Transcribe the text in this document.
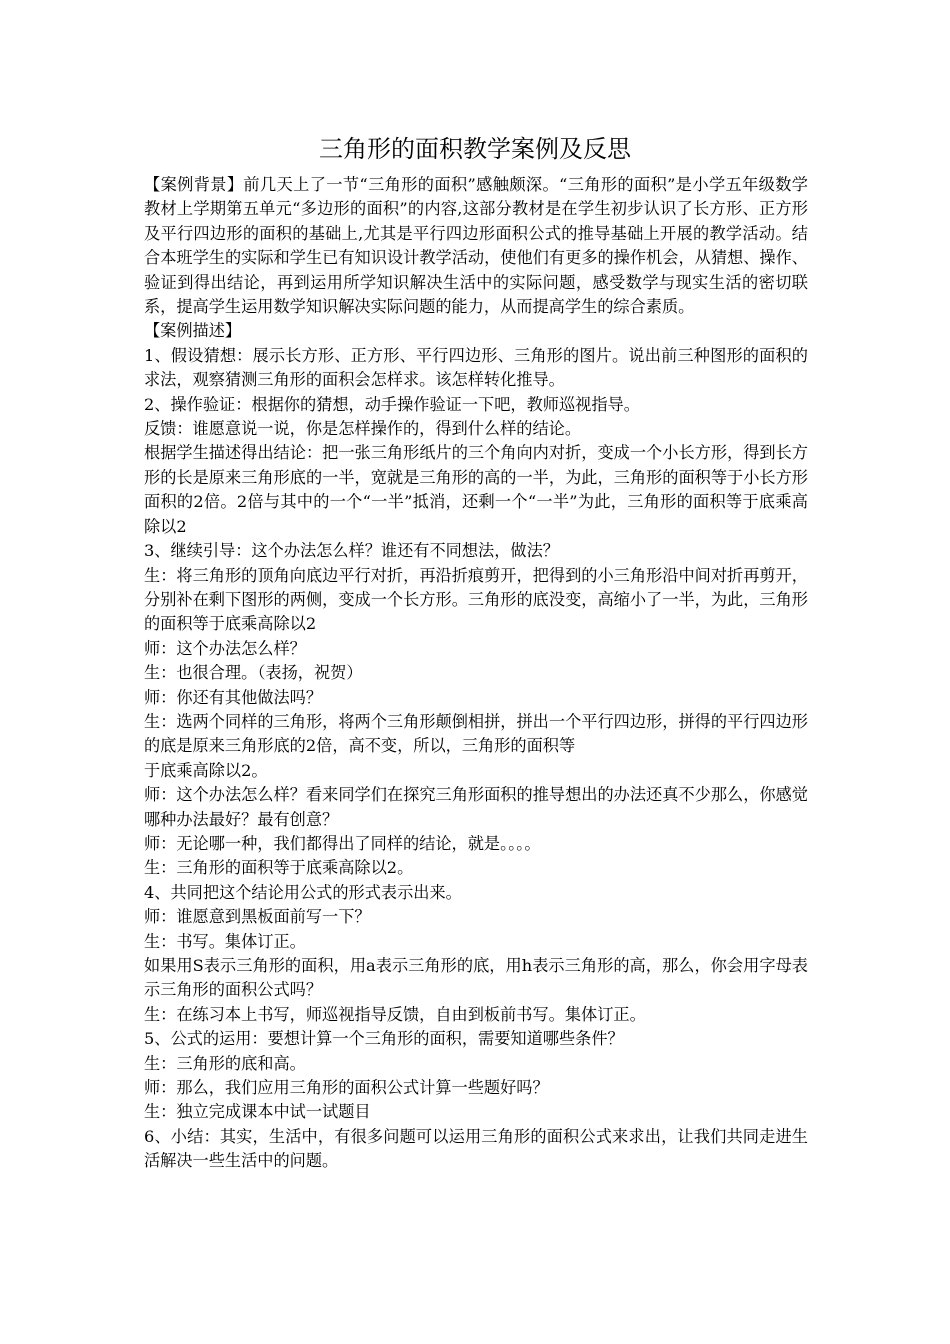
三角形的面积教学案例及反思

【案例背景】前几天上了一节“三角形的面积”感触颇深。“三角形的面积”是小学五年级数学教材上学期第五单元“多边形的面积”的内容,这部分教材是在学生初步认识了长方形、正方形及平行四边形的面积的基础上,尤其是平行四边形面积公式的推导基础上开展的教学活动。结合本班学生的实际和学生已有知识设计教学活动，使他们有更多的操作机会，从猜想、操作、验证到得出结论，再到运用所学知识解决生活中的实际问题，感受数学与现实生活的密切联系，提高学生运用数学知识解决实际问题的能力，从而提高学生的综合素质。

【案例描述】

1、假设猜想：展示长方形、正方形、平行四边形、三角形的图片。说出前三种图形的面积的求法，观察猜测三角形的面积会怎样求。该怎样转化推导。

2、操作验证：根据你的猜想，动手操作验证一下吧，教师巡视指导。

反馈：谁愿意说一说，你是怎样操作的，得到什么样的结论。

根据学生描述得出结论：把一张三角形纸片的三个角向内对折，变成一个小长方形，得到长方形的长是原来三角形底的一半，宽就是三角形的高的一半，为此，三角形的面积等于小长方形面积的2倍。2倍与其中的一个“一半”抵消，还剩一个“一半”为此，三角形的面积等于底乘高除以2

3、继续引导：这个办法怎么样？谁还有不同想法，做法？

生：将三角形的顶角向底边平行对折，再沿折痕剪开，把得到的小三角形沿中间对折再剪开，分别补在剩下图形的两侧，变成一个长方形。三角形的底没变，高缩小了一半，为此，三角形的面积等于底乘高除以2

师：这个办法怎么样？

生：也很合理。（表扬，祝贺）

师：你还有其他做法吗？

生：选两个同样的三角形，将两个三角形颠倒相拼，拼出一个平行四边形，拼得的平行四边形的底是原来三角形底的2倍，高不变，所以，三角形的面积等

于底乘高除以2。

师：这个办法怎么样？看来同学们在探究三角形面积的推导想出的办法还真不少那么，你感觉哪种办法最好？最有创意？

师：无论哪一种，我们都得出了同样的结论，就是。。。。

生：三角形的面积等于底乘高除以2。

4、共同把这个结论用公式的形式表示出来。

师：谁愿意到黑板面前写一下？

生：书写。集体订正。

如果用S表示三角形的面积，用a表示三角形的底，用h表示三角形的高，那么，你会用字母表示三角形的面积公式吗？

生：在练习本上书写，师巡视指导反馈，自由到板前书写。集体订正。

5、公式的运用：要想计算一个三角形的面积，需要知道哪些条件？

生：三角形的底和高。

师：那么，我们应用三角形的面积公式计算一些题好吗？

生：独立完成课本中试一试题目

6、小结：其实，生活中，有很多问题可以运用三角形的面积公式来求出，让我们共同走进生活解决一些生活中的问题。
